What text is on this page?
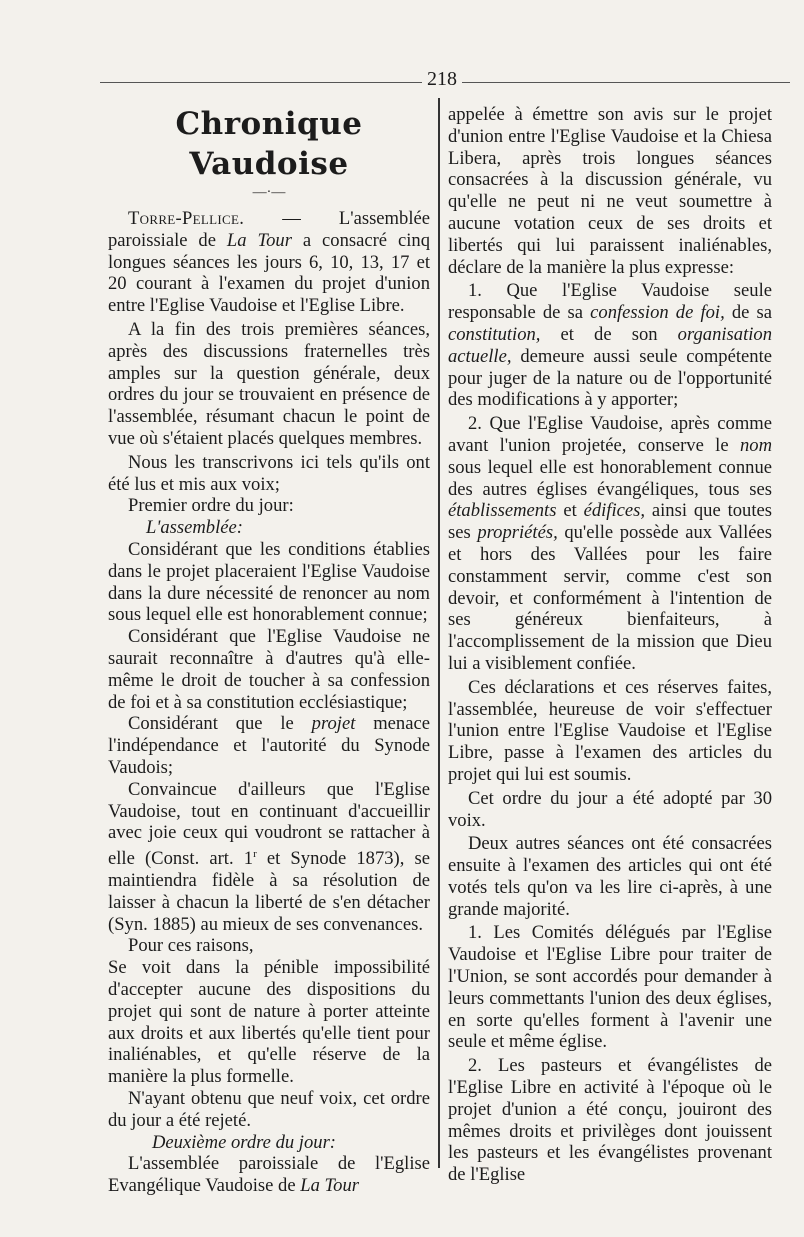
218
Chronique Vaudoise
—·—

Torre-Pellice. — L'assemblée paroissiale de La Tour a consacré cinq longues séances les jours 6, 10, 13, 17 et 20 courant à l'examen du projet d'union entre l'Eglise Vaudoise et l'Eglise Libre.

A la fin des trois premières séances, après des discussions fraternelles très amples sur la question générale, deux ordres du jour se trouvaient en présence de l'assemblée, résumant chacun le point de vue où s'étaient placés quelques membres.

Nous les transcrivons ici tels qu'ils ont été lus et mis aux voix;

Premier ordre du jour:

L'assemblée:

Considérant que les conditions établies dans le projet placeraient l'Eglise Vaudoise dans la dure nécessité de renoncer au nom sous lequel elle est honorablement connue;

Considérant que l'Eglise Vaudoise ne saurait reconnaître à d'autres qu'à elle-même le droit de toucher à sa confession de foi et à sa constitution ecclésiastique;

Considérant que le projet menace l'indépendance et l'autorité du Synode Vaudois;

Convaincue d'ailleurs que l'Eglise Vaudoise, tout en continuant d'accueillir avec joie ceux qui voudront se rattacher à elle (Const. art. 1$^r$ et Synode 1873), se maintiendra fidèle à sa résolution de laisser à chacun la liberté de s'en détacher (Syn. 1885) au mieux de ses convenances.

Pour ces raisons,

Se voit dans la pénible impossibilité d'accepter aucune des dispositions du projet qui sont de nature à porter atteinte aux droits et aux libertés qu'elle tient pour inaliénables, et qu'elle réserve de la manière la plus formelle.

N'ayant obtenu que neuf voix, cet ordre du jour a été rejeté.

Deuxième ordre du jour:

L'assemblée paroissiale de l'Eglise Evangélique Vaudoise de La Tour

appelée à émettre son avis sur le projet d'union entre l'Eglise Vaudoise et la Chiesa Libera, après trois longues séances consacrées à la discussion générale, vu qu'elle ne peut ni ne veut soumettre à aucune votation ceux de ses droits et libertés qui lui paraissent inaliénables, déclare de la manière la plus expresse:

1. Que l'Eglise Vaudoise seule responsable de sa confession de foi, de sa constitution, et de son organisation actuelle, demeure aussi seule compétente pour juger de la nature ou de l'opportunité des modifications à y apporter;

2. Que l'Eglise Vaudoise, après comme avant l'union projetée, conserve le nom sous lequel elle est honorablement connue des autres églises évangéliques, tous ses établissements et édifices, ainsi que toutes ses propriétés, qu'elle possède aux Vallées et hors des Vallées pour les faire constamment servir, comme c'est son devoir, et conformément à l'intention de ses généreux bienfaiteurs, à l'accomplissement de la mission que Dieu lui a visiblement confiée.

Ces déclarations et ces réserves faites, l'assemblée, heureuse de voir s'effectuer l'union entre l'Eglise Vaudoise et l'Eglise Libre, passe à l'examen des articles du projet qui lui est soumis.

Cet ordre du jour a été adopté par 30 voix.

Deux autres séances ont été consacrées ensuite à l'examen des articles qui ont été votés tels qu'on va les lire ci-après, à une grande majorité.

1. Les Comités délégués par l'Eglise Vaudoise et l'Eglise Libre pour traiter de l'Union, se sont accordés pour demander à leurs commettants l'union des deux églises, en sorte qu'elles forment à l'avenir une seule et même église.

2. Les pasteurs et évangélistes de l'Eglise Libre en activité à l'époque où le projet d'union a été conçu, jouiront des mêmes droits et privilèges dont jouissent les pasteurs et les évangélistes provenant de l'Eglise
